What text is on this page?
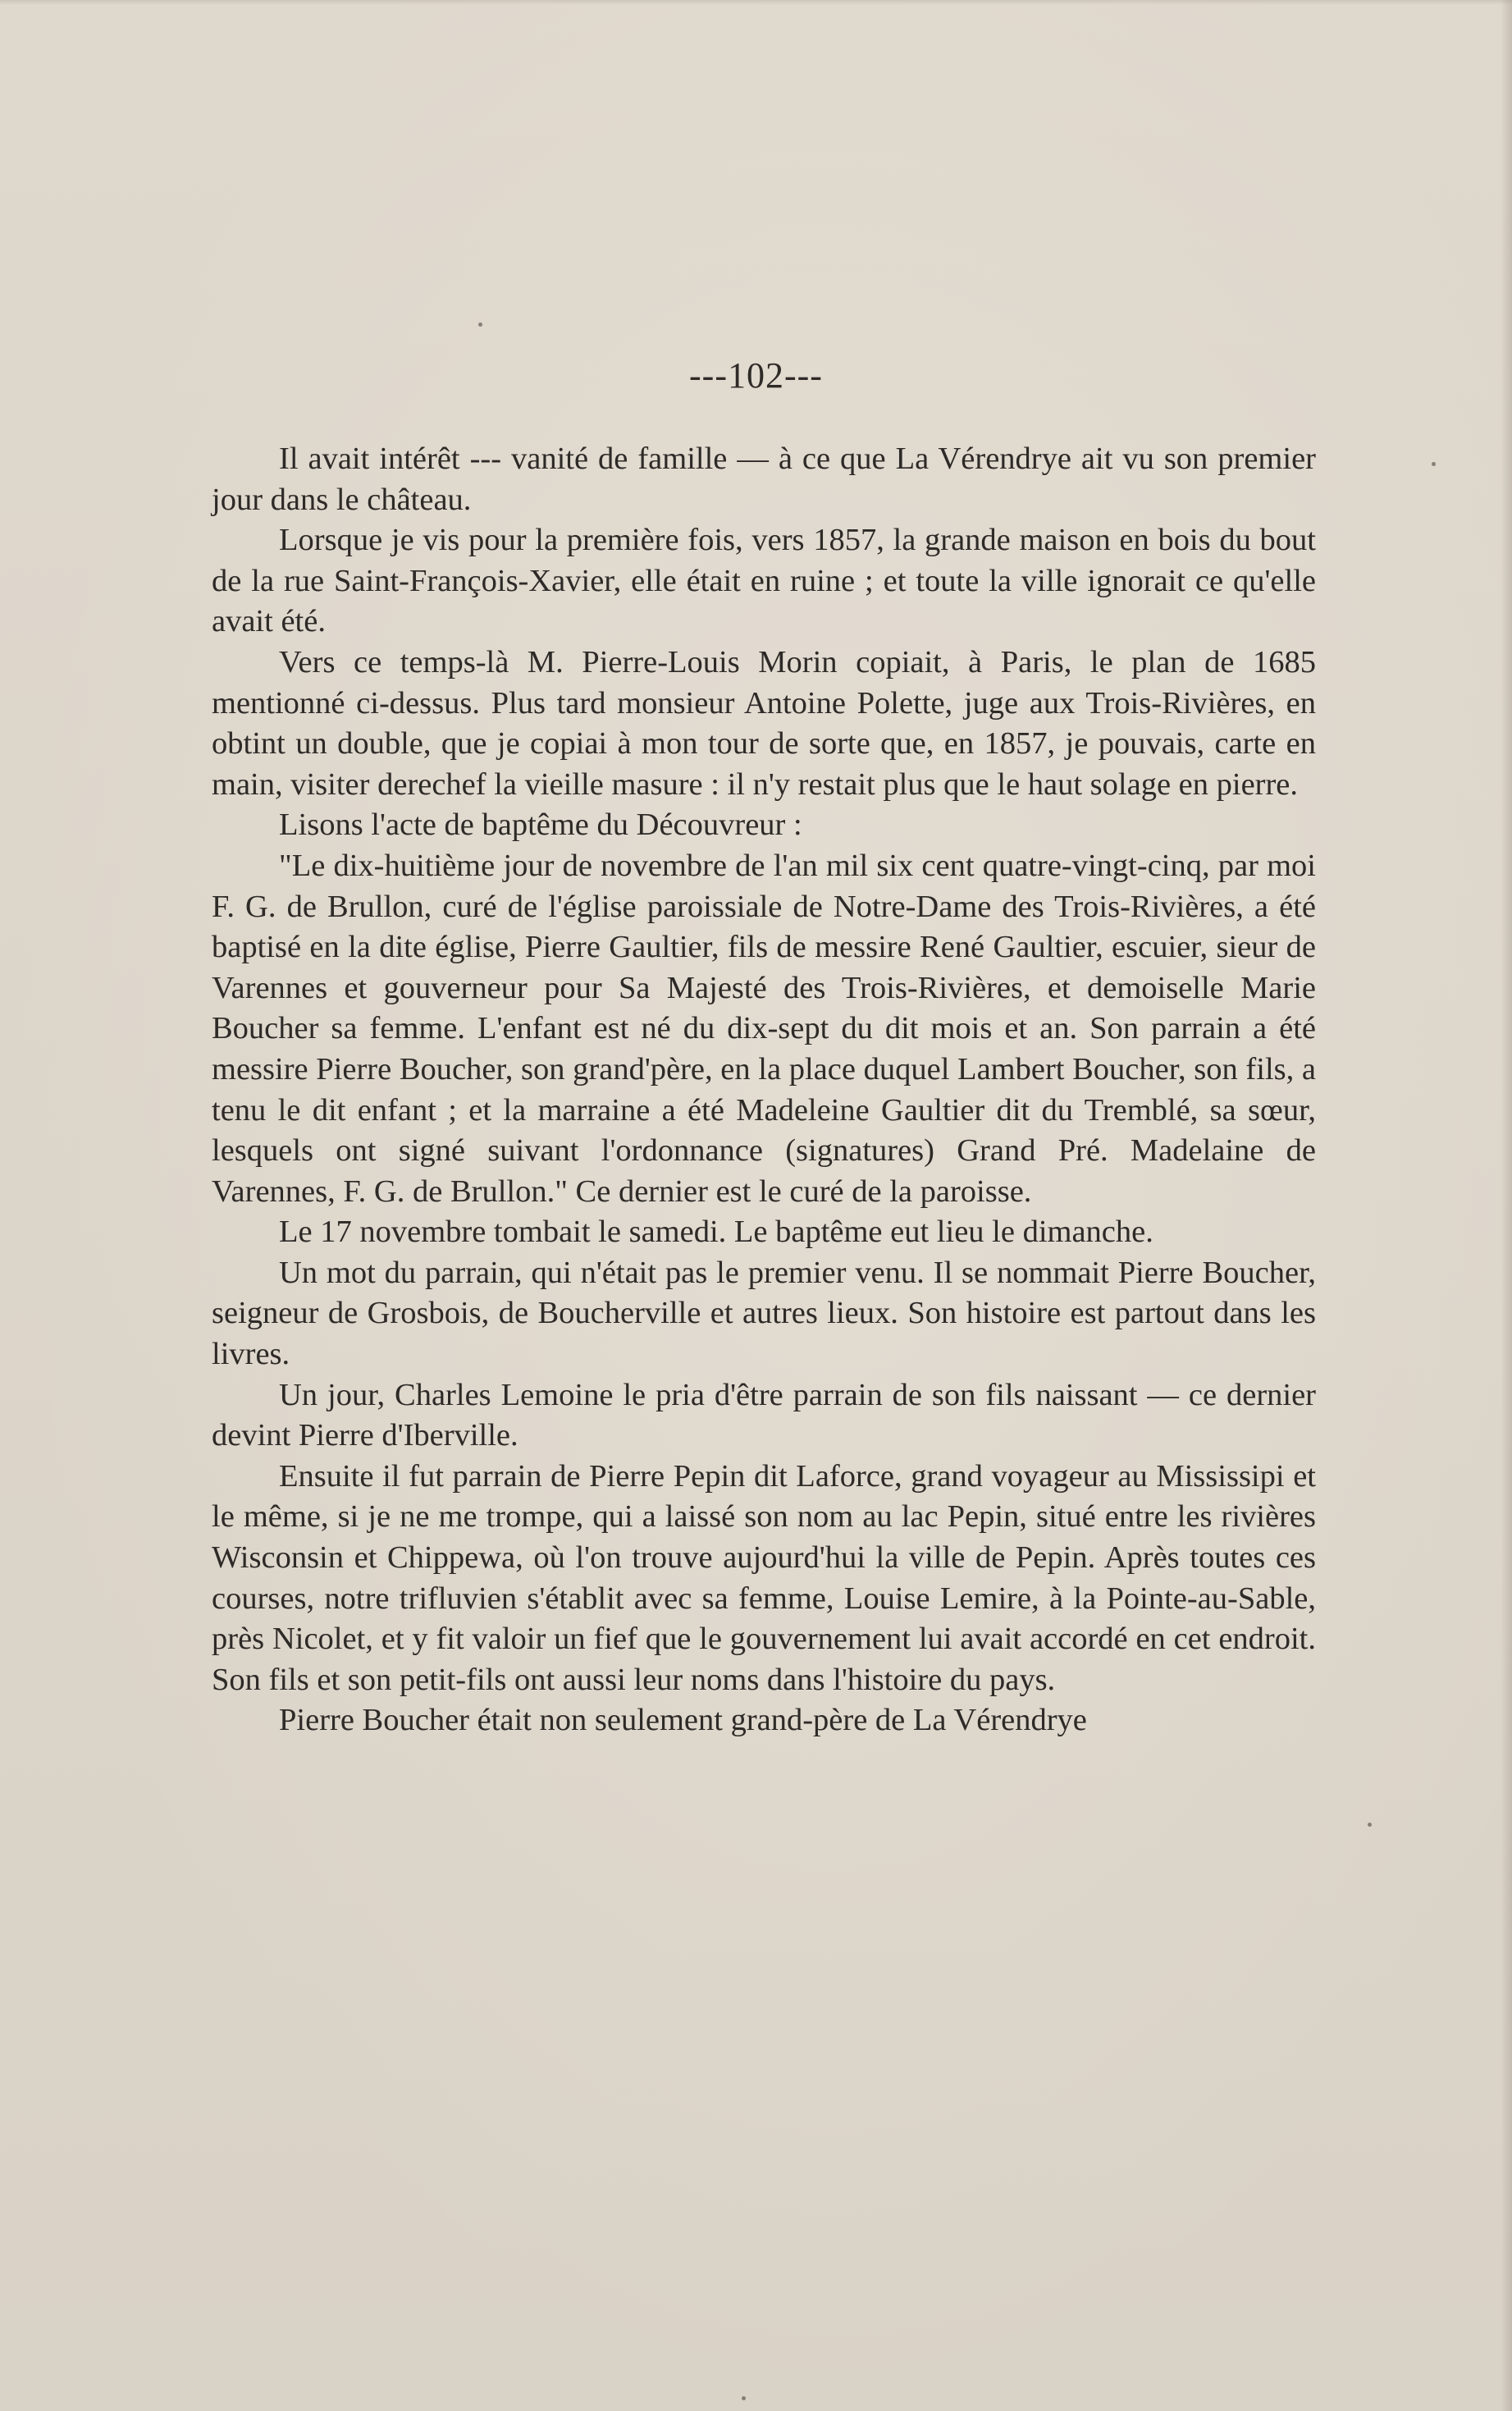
---102---

Il avait intérêt --- vanité de famille — à ce que La Vérendrye ait vu son premier jour dans le château.

Lorsque je vis pour la première fois, vers 1857, la grande maison en bois du bout de la rue Saint-François-Xavier, elle était en ruine ; et toute la ville ignorait ce qu'elle avait été.

Vers ce temps-là M. Pierre-Louis Morin copiait, à Paris, le plan de 1685 mentionné ci-dessus. Plus tard monsieur Antoine Polette, juge aux Trois-Rivières, en obtint un double, que je copiai à mon tour de sorte que, en 1857, je pouvais, carte en main, visiter derechef la vieille masure : il n'y restait plus que le haut solage en pierre.

Lisons l'acte de baptême du Découvreur :

"Le dix-huitième jour de novembre de l'an mil six cent quatre-vingt-cinq, par moi F. G. de Brullon, curé de l'église paroissiale de Notre-Dame des Trois-Rivières, a été baptisé en la dite église, Pierre Gaultier, fils de messire René Gaultier, escuier, sieur de Varennes et gouverneur pour Sa Majesté des Trois-Rivières, et demoiselle Marie Boucher sa femme. L'enfant est né du dix-sept du dit mois et an. Son parrain a été messire Pierre Boucher, son grand'père, en la place duquel Lambert Boucher, son fils, a tenu le dit enfant ; et la marraine a été Madeleine Gaultier dit du Tremblé, sa sœur, lesquels ont signé suivant l'ordonnance (signatures) Grand Pré. Madelaine de Varennes, F. G. de Brullon." Ce dernier est le curé de la paroisse.

Le 17 novembre tombait le samedi. Le baptême eut lieu le dimanche.

Un mot du parrain, qui n'était pas le premier venu. Il se nommait Pierre Boucher, seigneur de Grosbois, de Boucherville et autres lieux. Son histoire est partout dans les livres.

Un jour, Charles Lemoine le pria d'être parrain de son fils naissant — ce dernier devint Pierre d'Iberville.

Ensuite il fut parrain de Pierre Pepin dit Laforce, grand voyageur au Mississipi et le même, si je ne me trompe, qui a laissé son nom au lac Pepin, situé entre les rivières Wisconsin et Chippewa, où l'on trouve aujourd'hui la ville de Pepin. Après toutes ces courses, notre trifluvien s'établit avec sa femme, Louise Lemire, à la Pointe-au-Sable, près Nicolet, et y fit valoir un fief que le gouvernement lui avait accordé en cet endroit. Son fils et son petit-fils ont aussi leur noms dans l'histoire du pays.

Pierre Boucher était non seulement grand-père de La Vérendrye
